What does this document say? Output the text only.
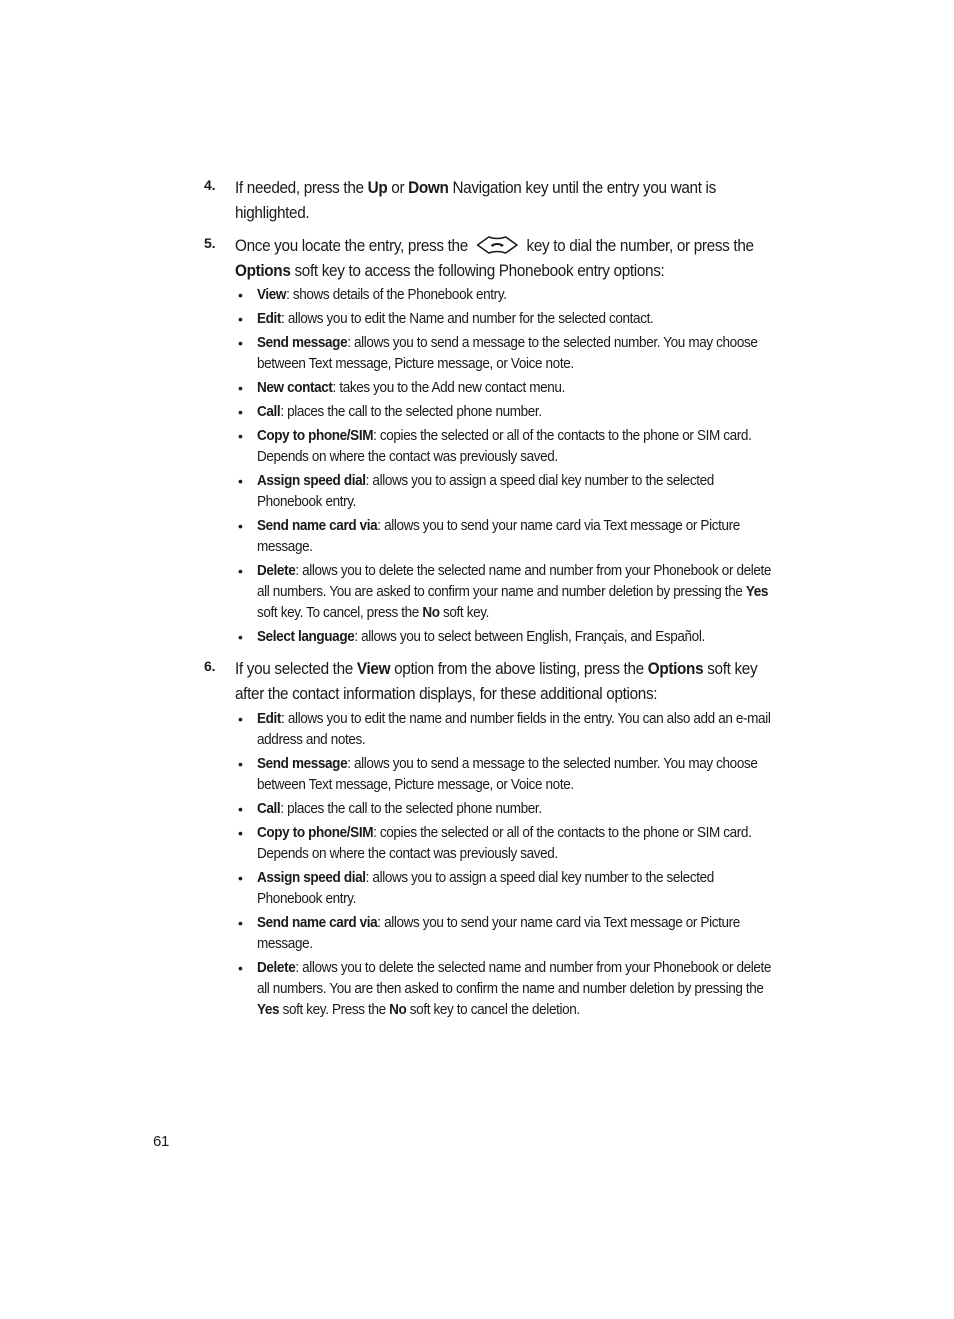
4. If needed, press the Up or Down Navigation key until the entry you want is highlighted.
5. Once you locate the entry, press the	key to dial the number, or press the Options soft key to access the following Phonebook entry options:
• View: shows details of the Phonebook entry.
• Edit: allows you to edit the Name and number for the selected contact.
• Send message: allows you to send a message to the selected number. You may choose between Text message, Picture message, or Voice note.
• New contact: takes you to the Add new contact menu.
• Call: places the call to the selected phone number.
• Copy to phone/SIM: copies the selected or all of the contacts to the phone or SIM card. Depends on where the contact was previously saved.
• Assign speed dial: allows you to assign a speed dial key number to the selected Phonebook entry.
• Send name card via: allows you to send your name card via Text message or Picture message.
• Delete: allows you to delete the selected name and number from your Phonebook or delete all numbers. You are asked to confirm your name and number deletion by pressing the Yes soft key. To cancel, press the No soft key.
• Select language: allows you to select between English, Français, and Español.
6. If you selected the View option from the above listing, press the Options soft key after the contact information displays, for these additional options:
• Edit: allows you to edit the name and number fields in the entry. You can also add an e-mail address and notes.
• Send message: allows you to send a message to the selected number. You may choose between Text message, Picture message, or Voice note.
• Call: places the call to the selected phone number.
• Copy to phone/SIM: copies the selected or all of the contacts to the phone or SIM card. Depends on where the contact was previously saved.
• Assign speed dial: allows you to assign a speed dial key number to the selected Phonebook entry.
• Send name card via: allows you to send your name card via Text message or Picture message.
• Delete: allows you to delete the selected name and number from your Phonebook or delete all numbers. You are then asked to confirm the name and number deletion by pressing the Yes soft key. Press the No soft key to cancel the deletion.
61
